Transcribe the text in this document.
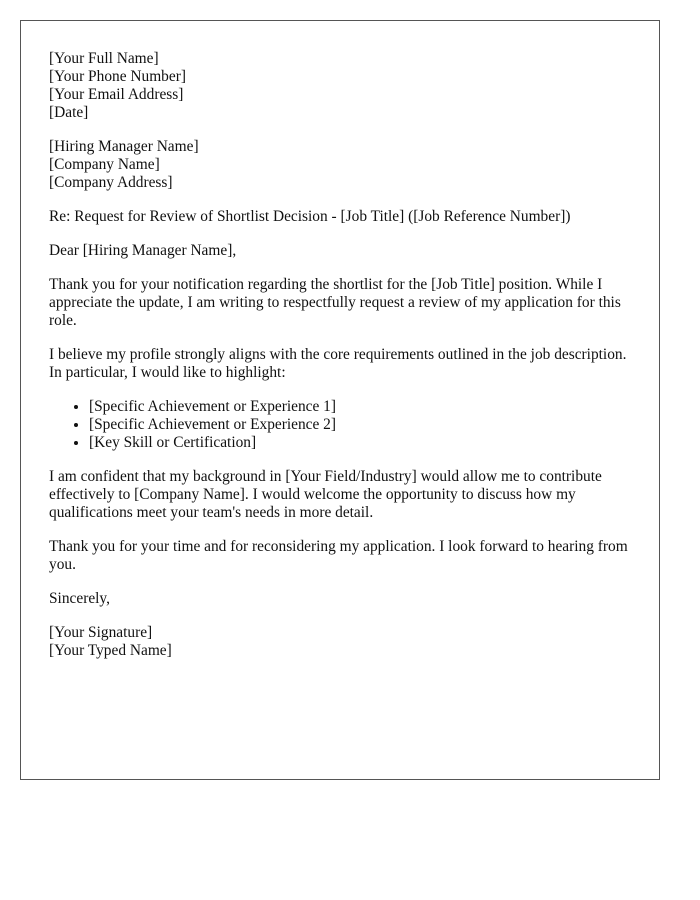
[Your Full Name]
[Your Phone Number]
[Your Email Address]
[Date]
[Hiring Manager Name]
[Company Name]
[Company Address]

Re: Request for Review of Shortlist Decision - [Job Title] ([Job Reference Number])

Dear [Hiring Manager Name],

Thank you for your notification regarding the shortlist for the [Job Title] position. While I appreciate the update, I am writing to respectfully request a review of my application for this role.

I believe my profile strongly aligns with the core requirements outlined in the job description. In particular, I would like to highlight:

• [Specific Achievement or Experience 1]
• [Specific Achievement or Experience 2]
• [Key Skill or Certification]

I am confident that my background in [Your Field/Industry] would allow me to contribute effectively to [Company Name]. I would welcome the opportunity to discuss how my qualifications meet your team's needs in more detail.

Thank you for your time and for reconsidering my application. I look forward to hearing from you.

Sincerely,

[Your Signature]
[Your Typed Name]
